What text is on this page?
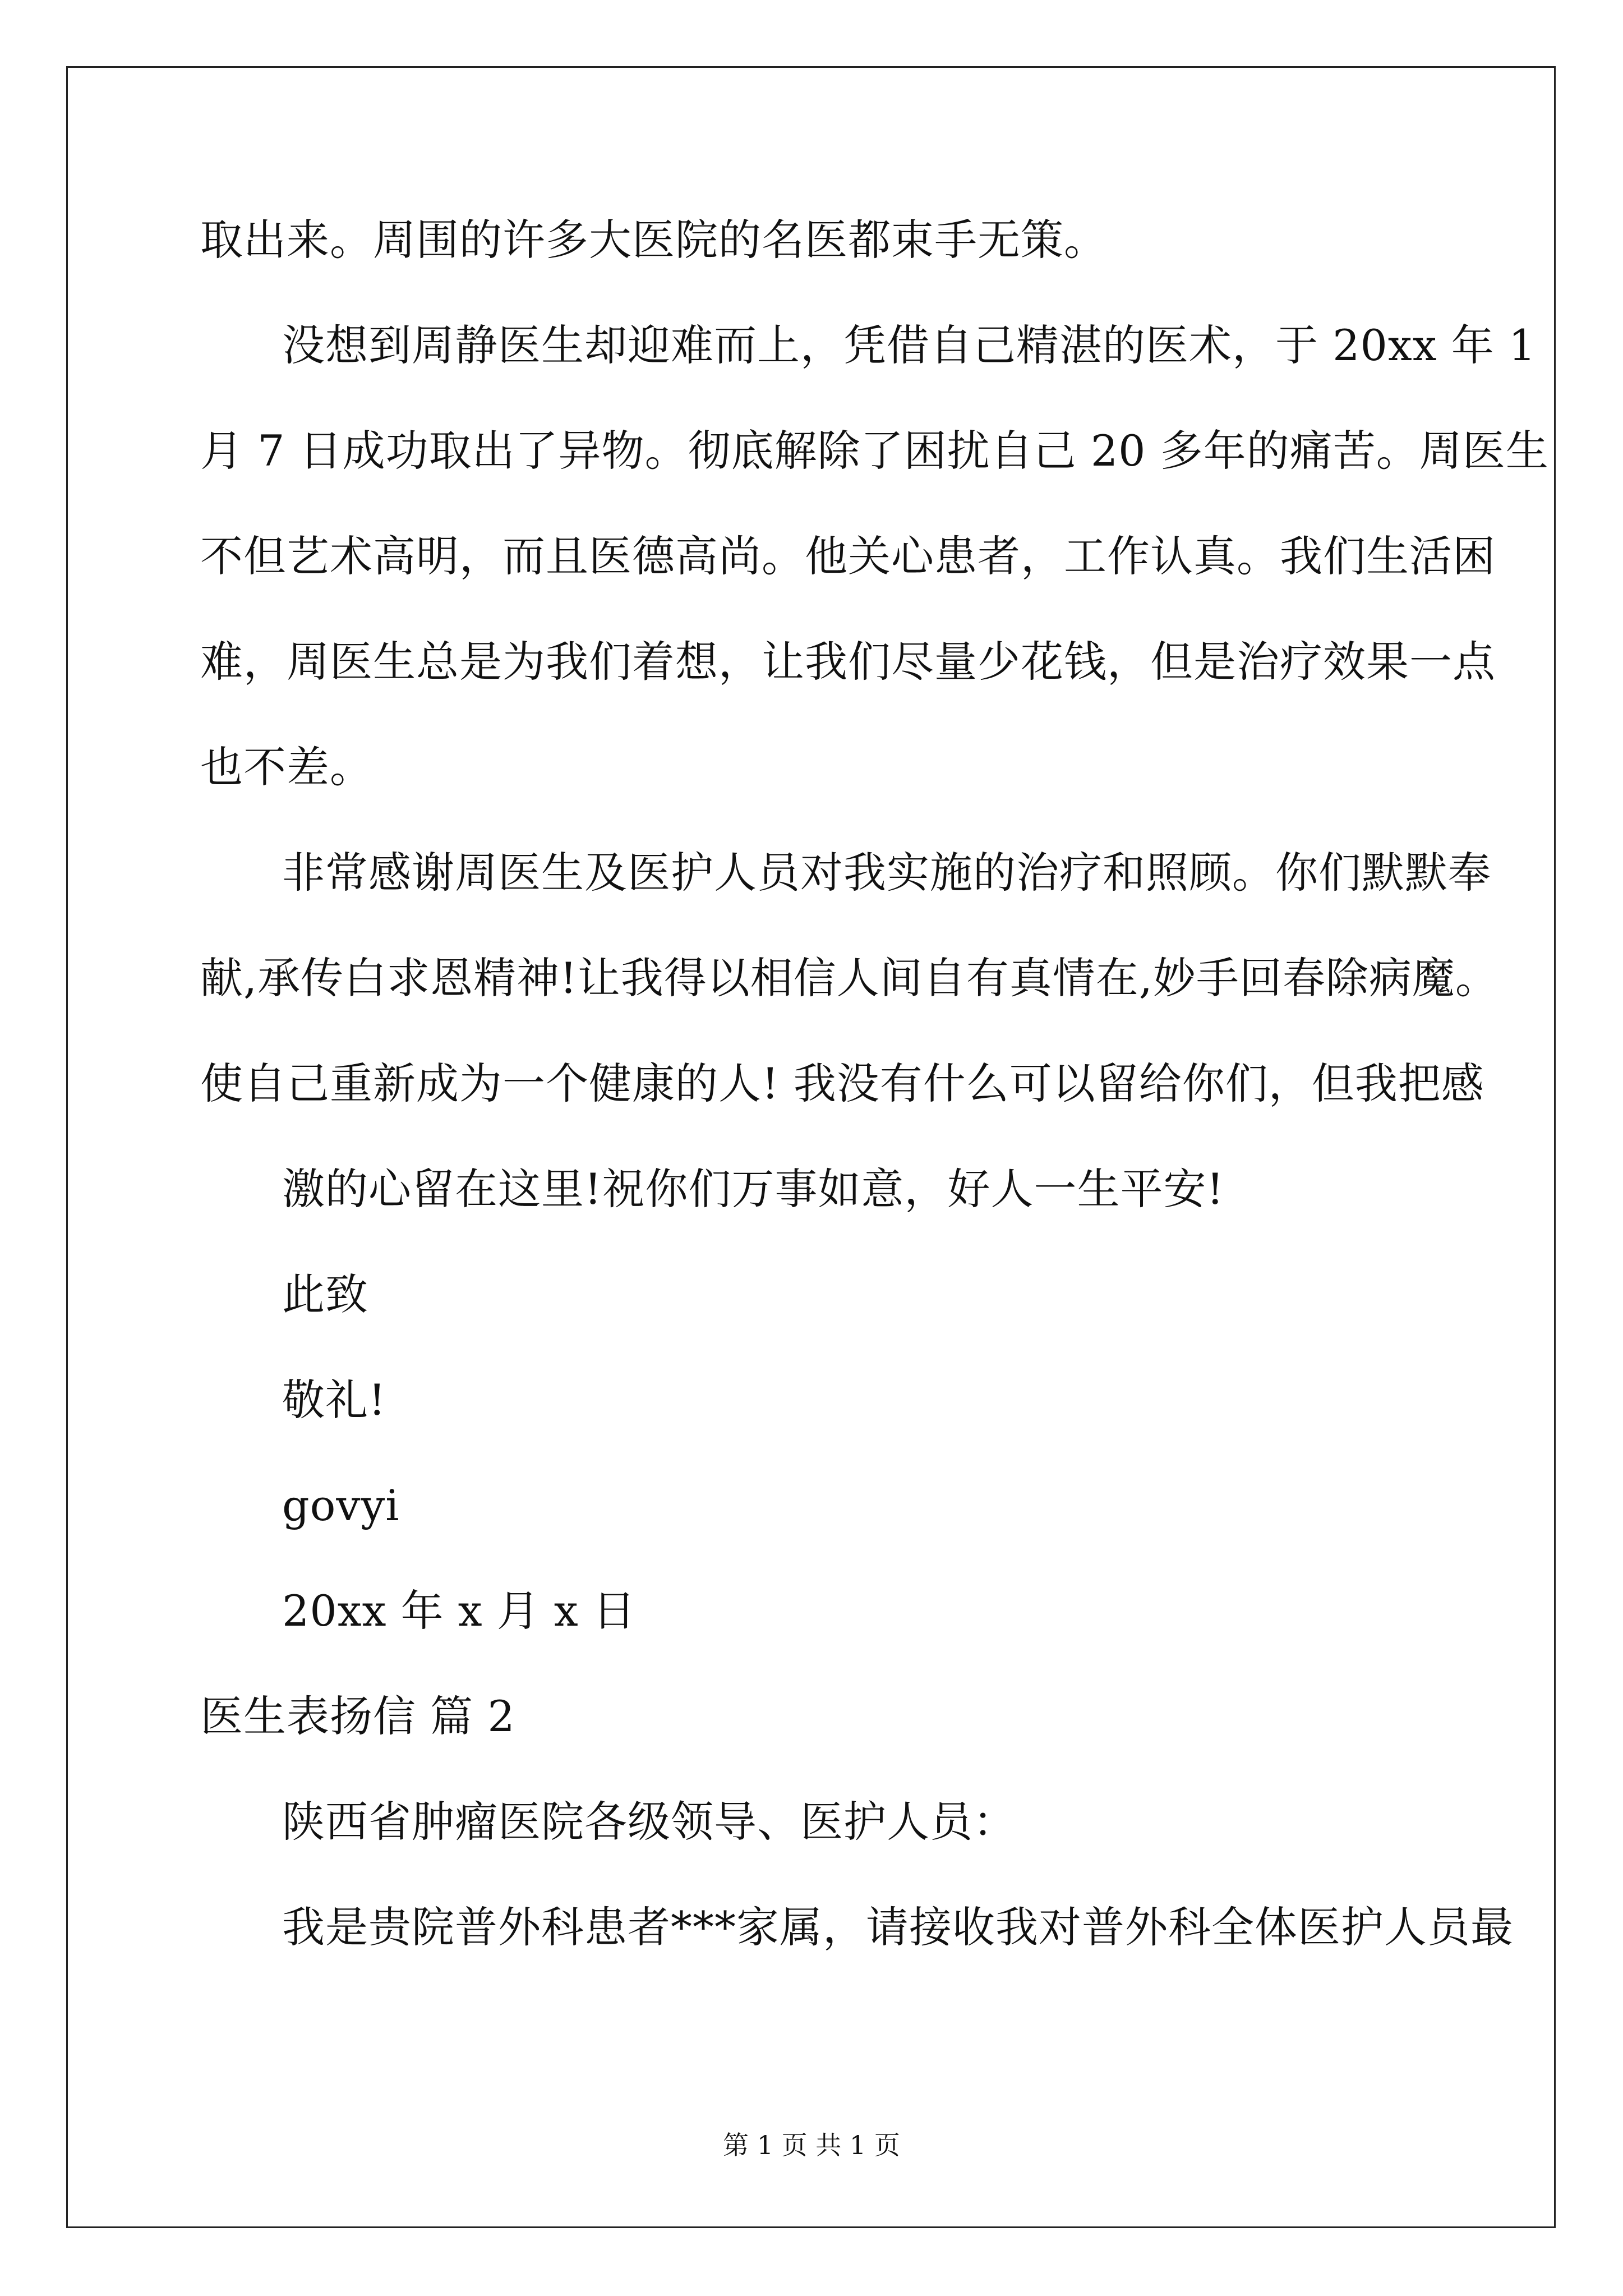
取出来。周围的许多大医院的名医都束手无策。
没想到周静医生却迎难而上，凭借自己精湛的医术，于 20xx 年 1
月 7 日成功取出了异物。彻底解除了困扰自己 20 多年的痛苦。周医生
不但艺术高明，而且医德高尚。他关心患者，工作认真。我们生活困
难，周医生总是为我们着想，让我们尽量少花钱，但是治疗效果一点
也不差。
非常感谢周医生及医护人员对我实施的治疗和照顾。你们默默奉
献,承传白求恩精神!让我得以相信人间自有真情在,妙手回春除病魔。
使自己重新成为一个健康的人! 我没有什么可以留给你们，但我把感
激的心留在这里!祝你们万事如意，好人一生平安!
此致
敬礼!
govyi
20xx 年 x 月 x 日
医生表扬信 篇 2
陕西省肿瘤医院各级领导、医护人员：
我是贵院普外科患者***家属，请接收我对普外科全体医护人员最
第 1 页 共 1 页
